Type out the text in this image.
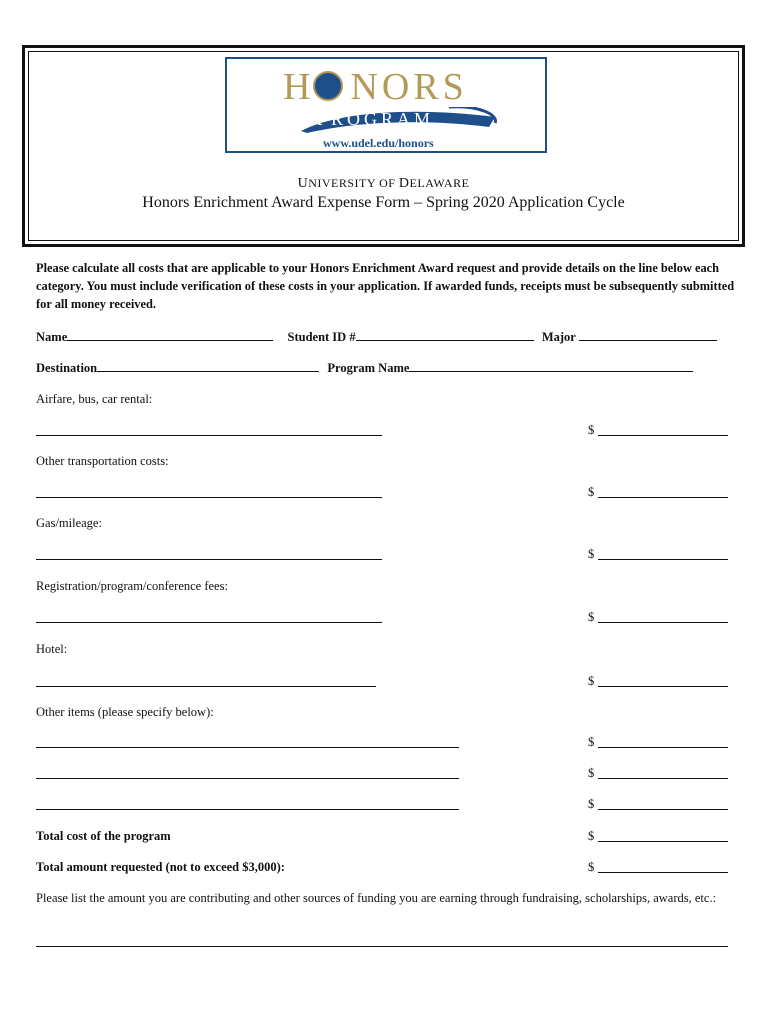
H NORS
PROGRAM
www.udel.edu/honors
UNIVERSITY OF DELAWARE
Honors Enrichment Award Expense Form – Spring 2020 Application Cycle
Please calculate all costs that are applicable to your Honors Enrichment Award request and provide details on the line below each category. You must include verification of these costs in your application. If awarded funds, receipts must be subsequently submitted for all money received.
Name	Student ID #	Major
Destination	Program Name
Airfare, bus, car rental:
$
Other transportation costs:
$
Gas/mileage:
$
Registration/program/conference fees:
$
Hotel:
$
Other items (please specify below):
$
$
$
Total cost of the program	$
Total amount requested (not to exceed $3,000):	$
Please list the amount you are contributing and other sources of funding you are earning through fundraising, scholarships, awards, etc.:
